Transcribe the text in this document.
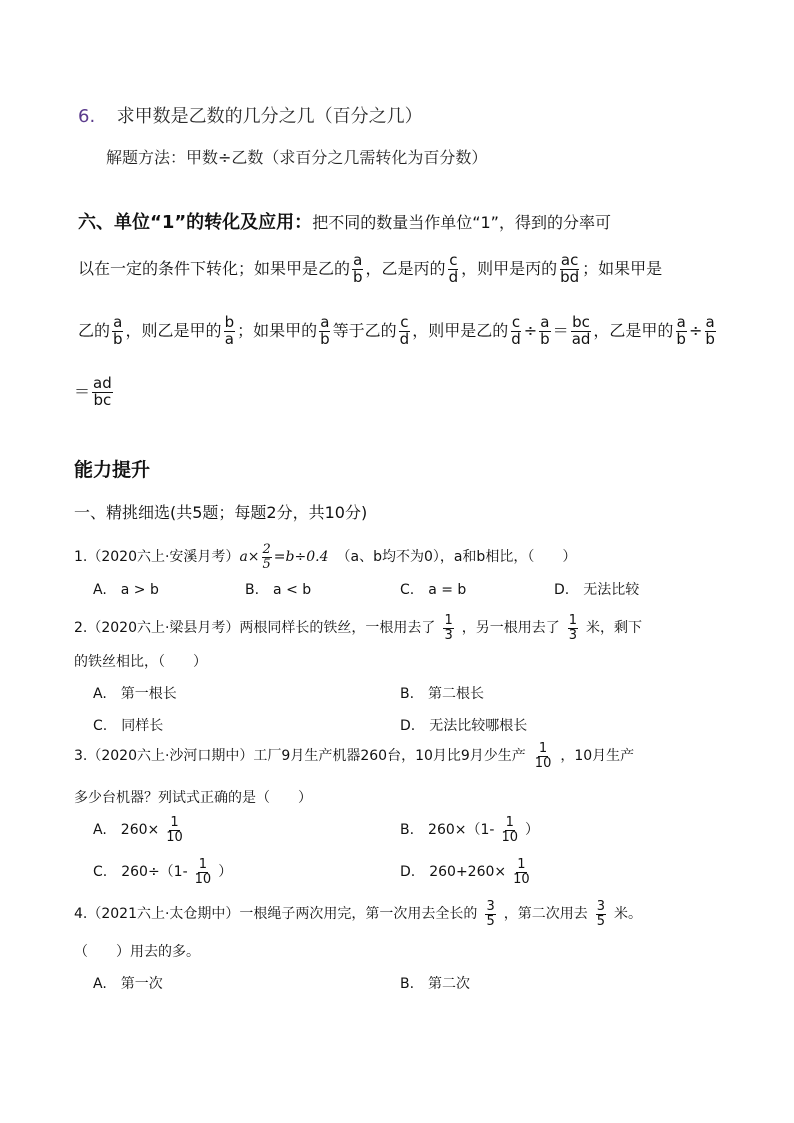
6. 求甲数是乙数的几分之几（百分之几）
解题方法：甲数÷乙数（求百分之几需转化为百分数）
六、单位“1”的转化及应用：把不同的数量当作单位“1”，得到的分率可
以在一定的条件下转化；如果甲是乙的 $\frac{a}{b}$ ，乙是丙的 $\frac{c}{d}$ ，则甲是丙的 $\frac{ac}{bd}$ ；如果甲是
乙的 $\frac{a}{b}$ ，则乙是甲的 $\frac{b}{a}$ ；如果甲的 $\frac{a}{b}$ 等于乙的 $\frac{c}{d}$ ，则甲是乙的 $\frac{c}{d} \div \frac{a}{b} = \frac{bc}{ad}$ ，乙是甲的 $\frac{a}{b} \div \frac{a}{b}$
＝ $\frac{ad}{bc}$
能力提升
一、精挑细选(共5题；每题2分，共10分)
1.（2020六上·安溪月考）$a\times \frac{2}{5} =b\div 0.4$ （a、b均不为0），a和b相比，（　　）
A.　a > b	B.　a < b	C.　a = b	D.　无法比较
2.（2020六上·梁县月考）两根同样长的铁丝，一根用去了 $\frac{1}{3}$ ，另一根用去了 $\frac{1}{3}$ 米，剩下
的铁丝相比，（　　）
A.　第一根长	B.　第二根长
C.　同样长	D.　无法比较哪根长
3.（2020六上·沙河口期中）工厂9月生产机器260台，10月比9月少生产 $\frac{1}{10}$ ，10月生产
多少台机器？列试式正确的是（　　）
A.　$260\times \frac{1}{10}$	B.　$260\times(1- \frac{1}{10}$ ）
C.　$260\div(1- \frac{1}{10}$ ）	D.　$260+260\times \frac{1}{10}$
4.（2021六上·太仓期中）一根绳子两次用完，第一次用去全长的 $\frac{3}{5}$ ，第二次用去 $\frac{3}{5}$ 米。
（　　）用去的多。
A.　第一次	B.　第二次
